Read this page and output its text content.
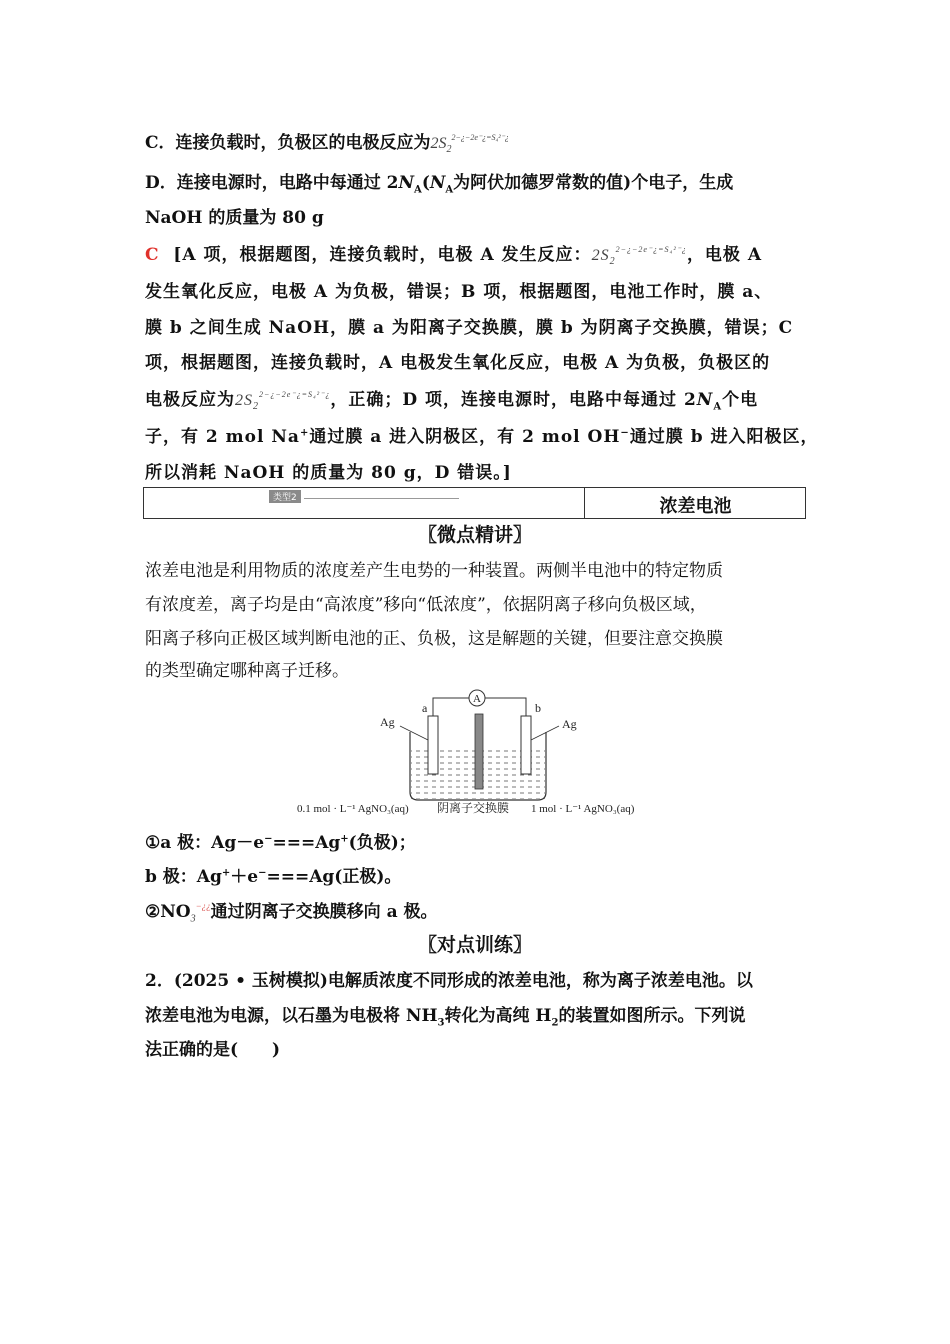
C．连接负载时，负极区的电极反应为$2S_2^{2-¿-2e^-¿=S_4^{2-}¿}$
D．连接电源时，电路中每通过 $2N_A(N_A$为阿伏加德罗常数的值)个电子，生成
NaOH 的质量为 80 g
C [A 项，根据题图，连接负载时，电极 A 发生反应：$2S_2^{2-¿-2e^-¿=S_4^{2-}¿}$，电极 A
发生氧化反应，电极 A 为负极，错误；B 项，根据题图，电池工作时，膜 a、
膜 b 之间生成 NaOH，膜 a 为阳离子交换膜，膜 b 为阴离子交换膜，错误；C
项，根据题图，连接负载时，A 电极发生氧化反应，电极 A 为负极，负极区的
电极反应为$2S_2^{2-¿-2e^-¿=S_4^{2-}¿}$，正确；D 项，连接电源时，电路中每通过 $2N_A$个电
子，有 2 mol Na+通过膜 a 进入阴极区，有 2 mol OH−通过膜 b 进入阳极区，
所以消耗 NaOH 的质量为 80 g，D 错误。]
类型2	浓差电池
〖微点精讲〗
浓差电池是利用物质的浓度差产生电势的一种装置。两侧半电池中的特定物质
有浓度差，离子均是由“高浓度”移向“低浓度”，依据阴离子移向负极区域，
阳离子移向正极区域判断电池的正、负极，这是解题的关键，但要注意交换膜
的类型确定哪种离子迁移。
A
Ag	Ag
a	b
0.1 mol · L⁻¹ AgNO₃(aq) 阴离子交换膜 1 mol · L⁻¹ AgNO₃(aq)
①a 极：Ag－e−===Ag+(负极)；
b 极：Ag+＋e−===Ag(正极)。
$②NO_3^{-¿¿}$通过阴离子交换膜移向 a 极。
〖对点训练〗
2．(2025 • 玉树模拟)电解质浓度不同形成的浓差电池，称为离子浓差电池。以
浓差电池为电源，以石墨为电极将 $NH_3$转化为高纯 $H_2$的装置如图所示。下列说
法正确的是(　　)
